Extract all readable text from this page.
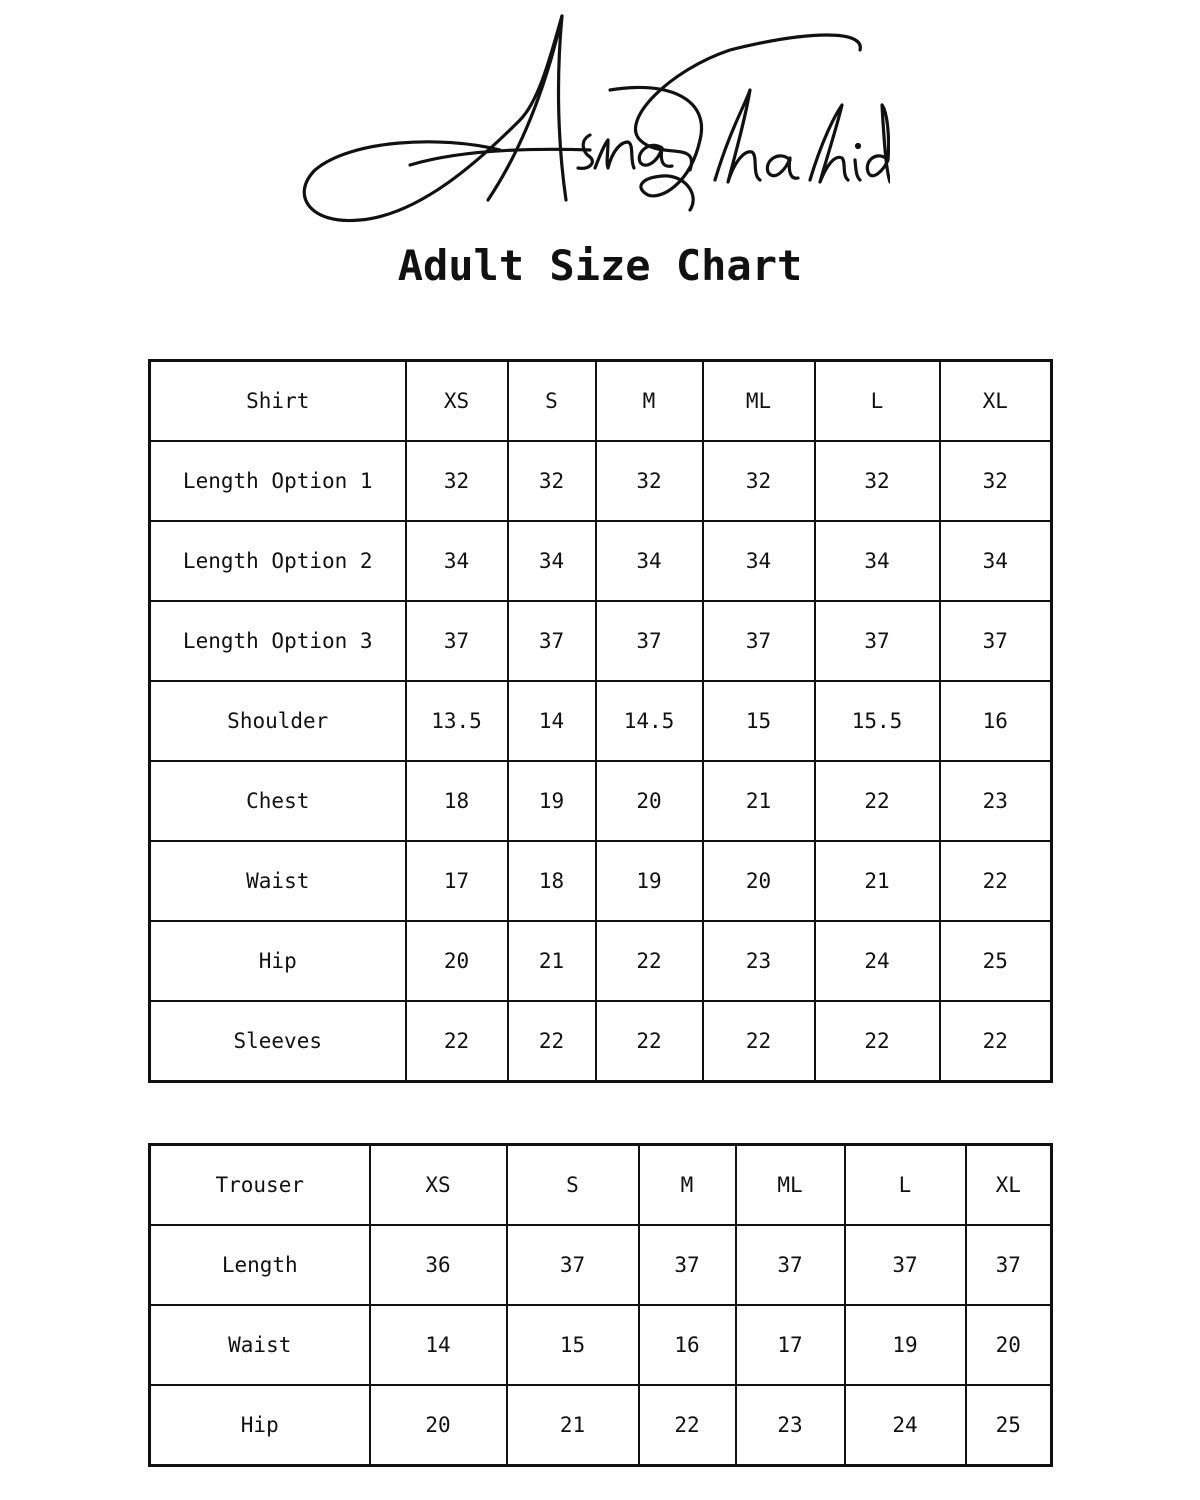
Adult Size Chart
Shirt	XS	S	M	ML	L	XL
Length Option 1	32	32	32	32	32	32
Length Option 2	34	34	34	34	34	34
Length Option 3	37	37	37	37	37	37
Shoulder	13.5	14	14.5	15	15.5	16
Chest	18	19	20	21	22	23
Waist	17	18	19	20	21	22
Hip	20	21	22	23	24	25
Sleeves	22	22	22	22	22	22
Trouser	XS	S	M	ML	L	XL
Length	36	37	37	37	37	37
Waist	14	15	16	17	19	20
Hip	20	21	22	23	24	25
